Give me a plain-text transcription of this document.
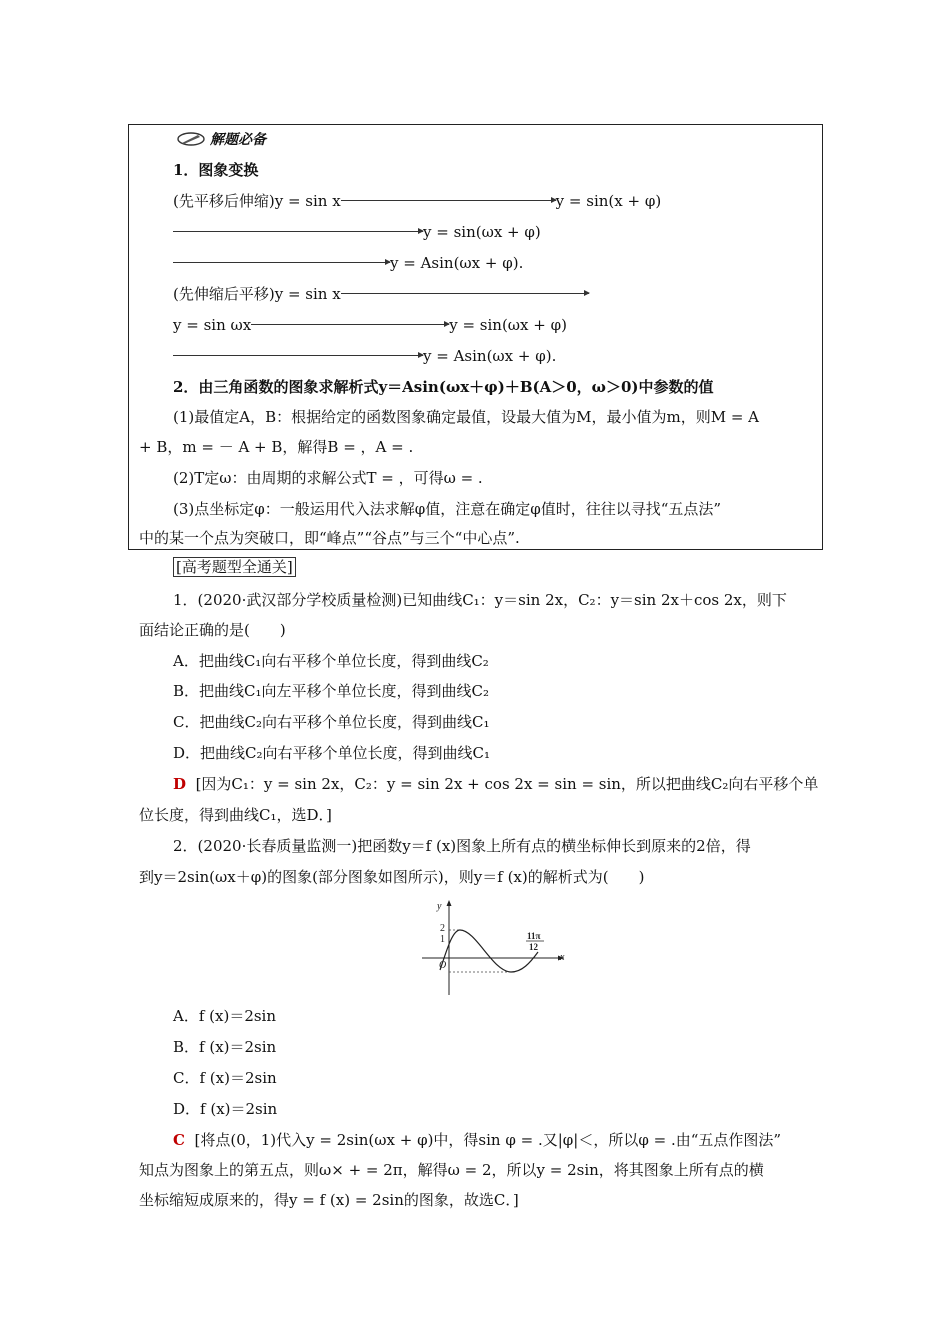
解题必备
1．图象变换
(先平移后伸缩)y = sin x	y = sin(x + φ)
y = sin(ωx + φ)
y = Asin(ωx + φ).
(先伸缩后平移)y = sin x
y = sin ωx	y = sin(ωx + φ)
y = Asin(ωx + φ).
2．由三角函数的图象求解析式y＝Asin(ωx＋φ)＋B(A＞0，ω＞0)中参数的值
(1)最值定A，B：根据给定的函数图象确定最值，设最大值为M，最小值为m，则M = A
+ B，m = － A + B，解得B = ，A = .
(2)T定ω：由周期的求解公式T = ，可得ω = .
(3)点坐标定φ：一般运用代入法求解φ值，注意在确定φ值时，往往以寻找“五点法”
中的某一个点为突破口，即“峰点”“谷点”与三个“中心点”.
[高考题型全通关]
1．(2020·武汉部分学校质量检测)已知曲线C₁：y＝sin 2x，C₂：y＝sin 2x＋cos 2x，则下
面结论正确的是(　　)
A．把曲线C₁向右平移个单位长度，得到曲线C₂
B．把曲线C₁向左平移个单位长度，得到曲线C₂
C．把曲线C₂向右平移个单位长度，得到曲线C₁
D．把曲线C₂向右平移个单位长度，得到曲线C₁
D [因为C₁：y = sin 2x，C₂：y = sin 2x + cos 2x = sin = sin，所以把曲线C₂向右平移个单
位长度，得到曲线C₁，选D．]
2．(2020·长春质量监测一)把函数y＝f (x)图象上所有点的横坐标伸长到原来的2倍，得
到y＝2sin(ωx＋φ)的图象(部分图象如图所示)，则y＝f (x)的解析式为(　　)
y
x
O
2
1	11π
12
A．f (x)＝2sin
B．f (x)＝2sin
C．f (x)＝2sin
D．f (x)＝2sin
C [将点(0，1)代入y = 2sin(ωx + φ)中，得sin φ = .又|φ|＜，所以φ = .由“五点作图法”
知点为图象上的第五点，则ω× + = 2π，解得ω = 2，所以y = 2sin，将其图象上所有点的横
坐标缩短成原来的，得y = f (x) = 2sin的图象，故选C．]
